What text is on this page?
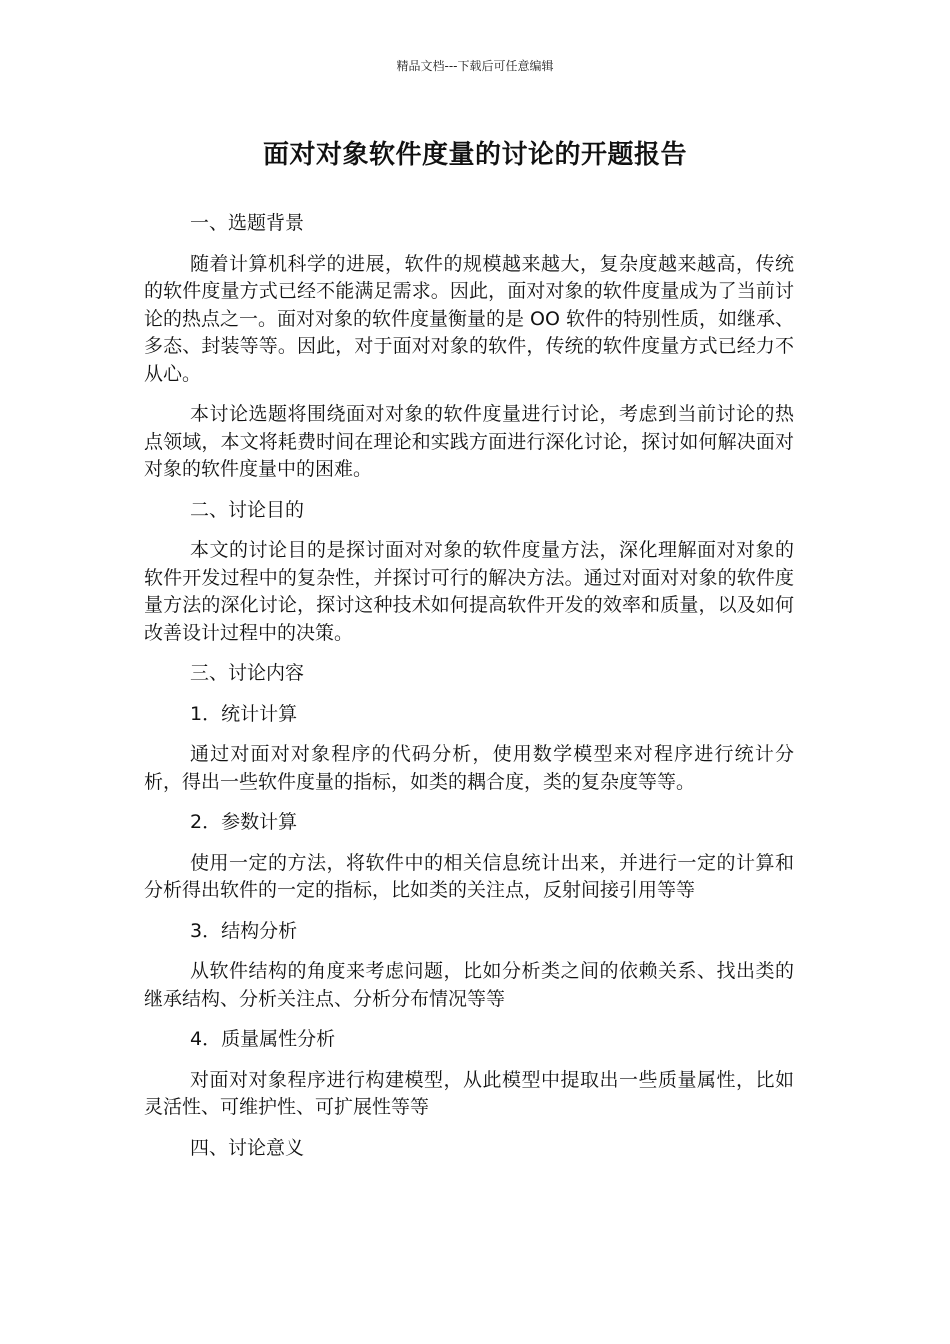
精品文档---下载后可任意编辑
面对对象软件度量的讨论的开题报告

一、选题背景

随着计算机科学的进展，软件的规模越来越大，复杂度越来越高，传统的软件度量方式已经不能满足需求。因此，面对对象的软件度量成为了当前讨论的热点之一。面对对象的软件度量衡量的是 OO 软件的特别性质，如继承、多态、封装等等。因此，对于面对对象的软件，传统的软件度量方式已经力不从心。

本讨论选题将围绕面对对象的软件度量进行讨论，考虑到当前讨论的热点领域，本文将耗费时间在理论和实践方面进行深化讨论，探讨如何解决面对对象的软件度量中的困难。

二、讨论目的

本文的讨论目的是探讨面对对象的软件度量方法，深化理解面对对象的软件开发过程中的复杂性，并探讨可行的解决方法。通过对面对对象的软件度量方法的深化讨论，探讨这种技术如何提高软件开发的效率和质量，以及如何改善设计过程中的决策。

三、讨论内容

1．统计计算

通过对面对对象程序的代码分析，使用数学模型来对程序进行统计分析，得出一些软件度量的指标，如类的耦合度，类的复杂度等等。

2．参数计算

使用一定的方法，将软件中的相关信息统计出来，并进行一定的计算和分析得出软件的一定的指标，比如类的关注点，反射间接引用等等

3．结构分析

从软件结构的角度来考虑问题，比如分析类之间的依赖关系、找出类的继承结构、分析关注点、分析分布情况等等

4．质量属性分析

对面对对象程序进行构建模型，从此模型中提取出一些质量属性，比如灵活性、可维护性、可扩展性等等

四、讨论意义
